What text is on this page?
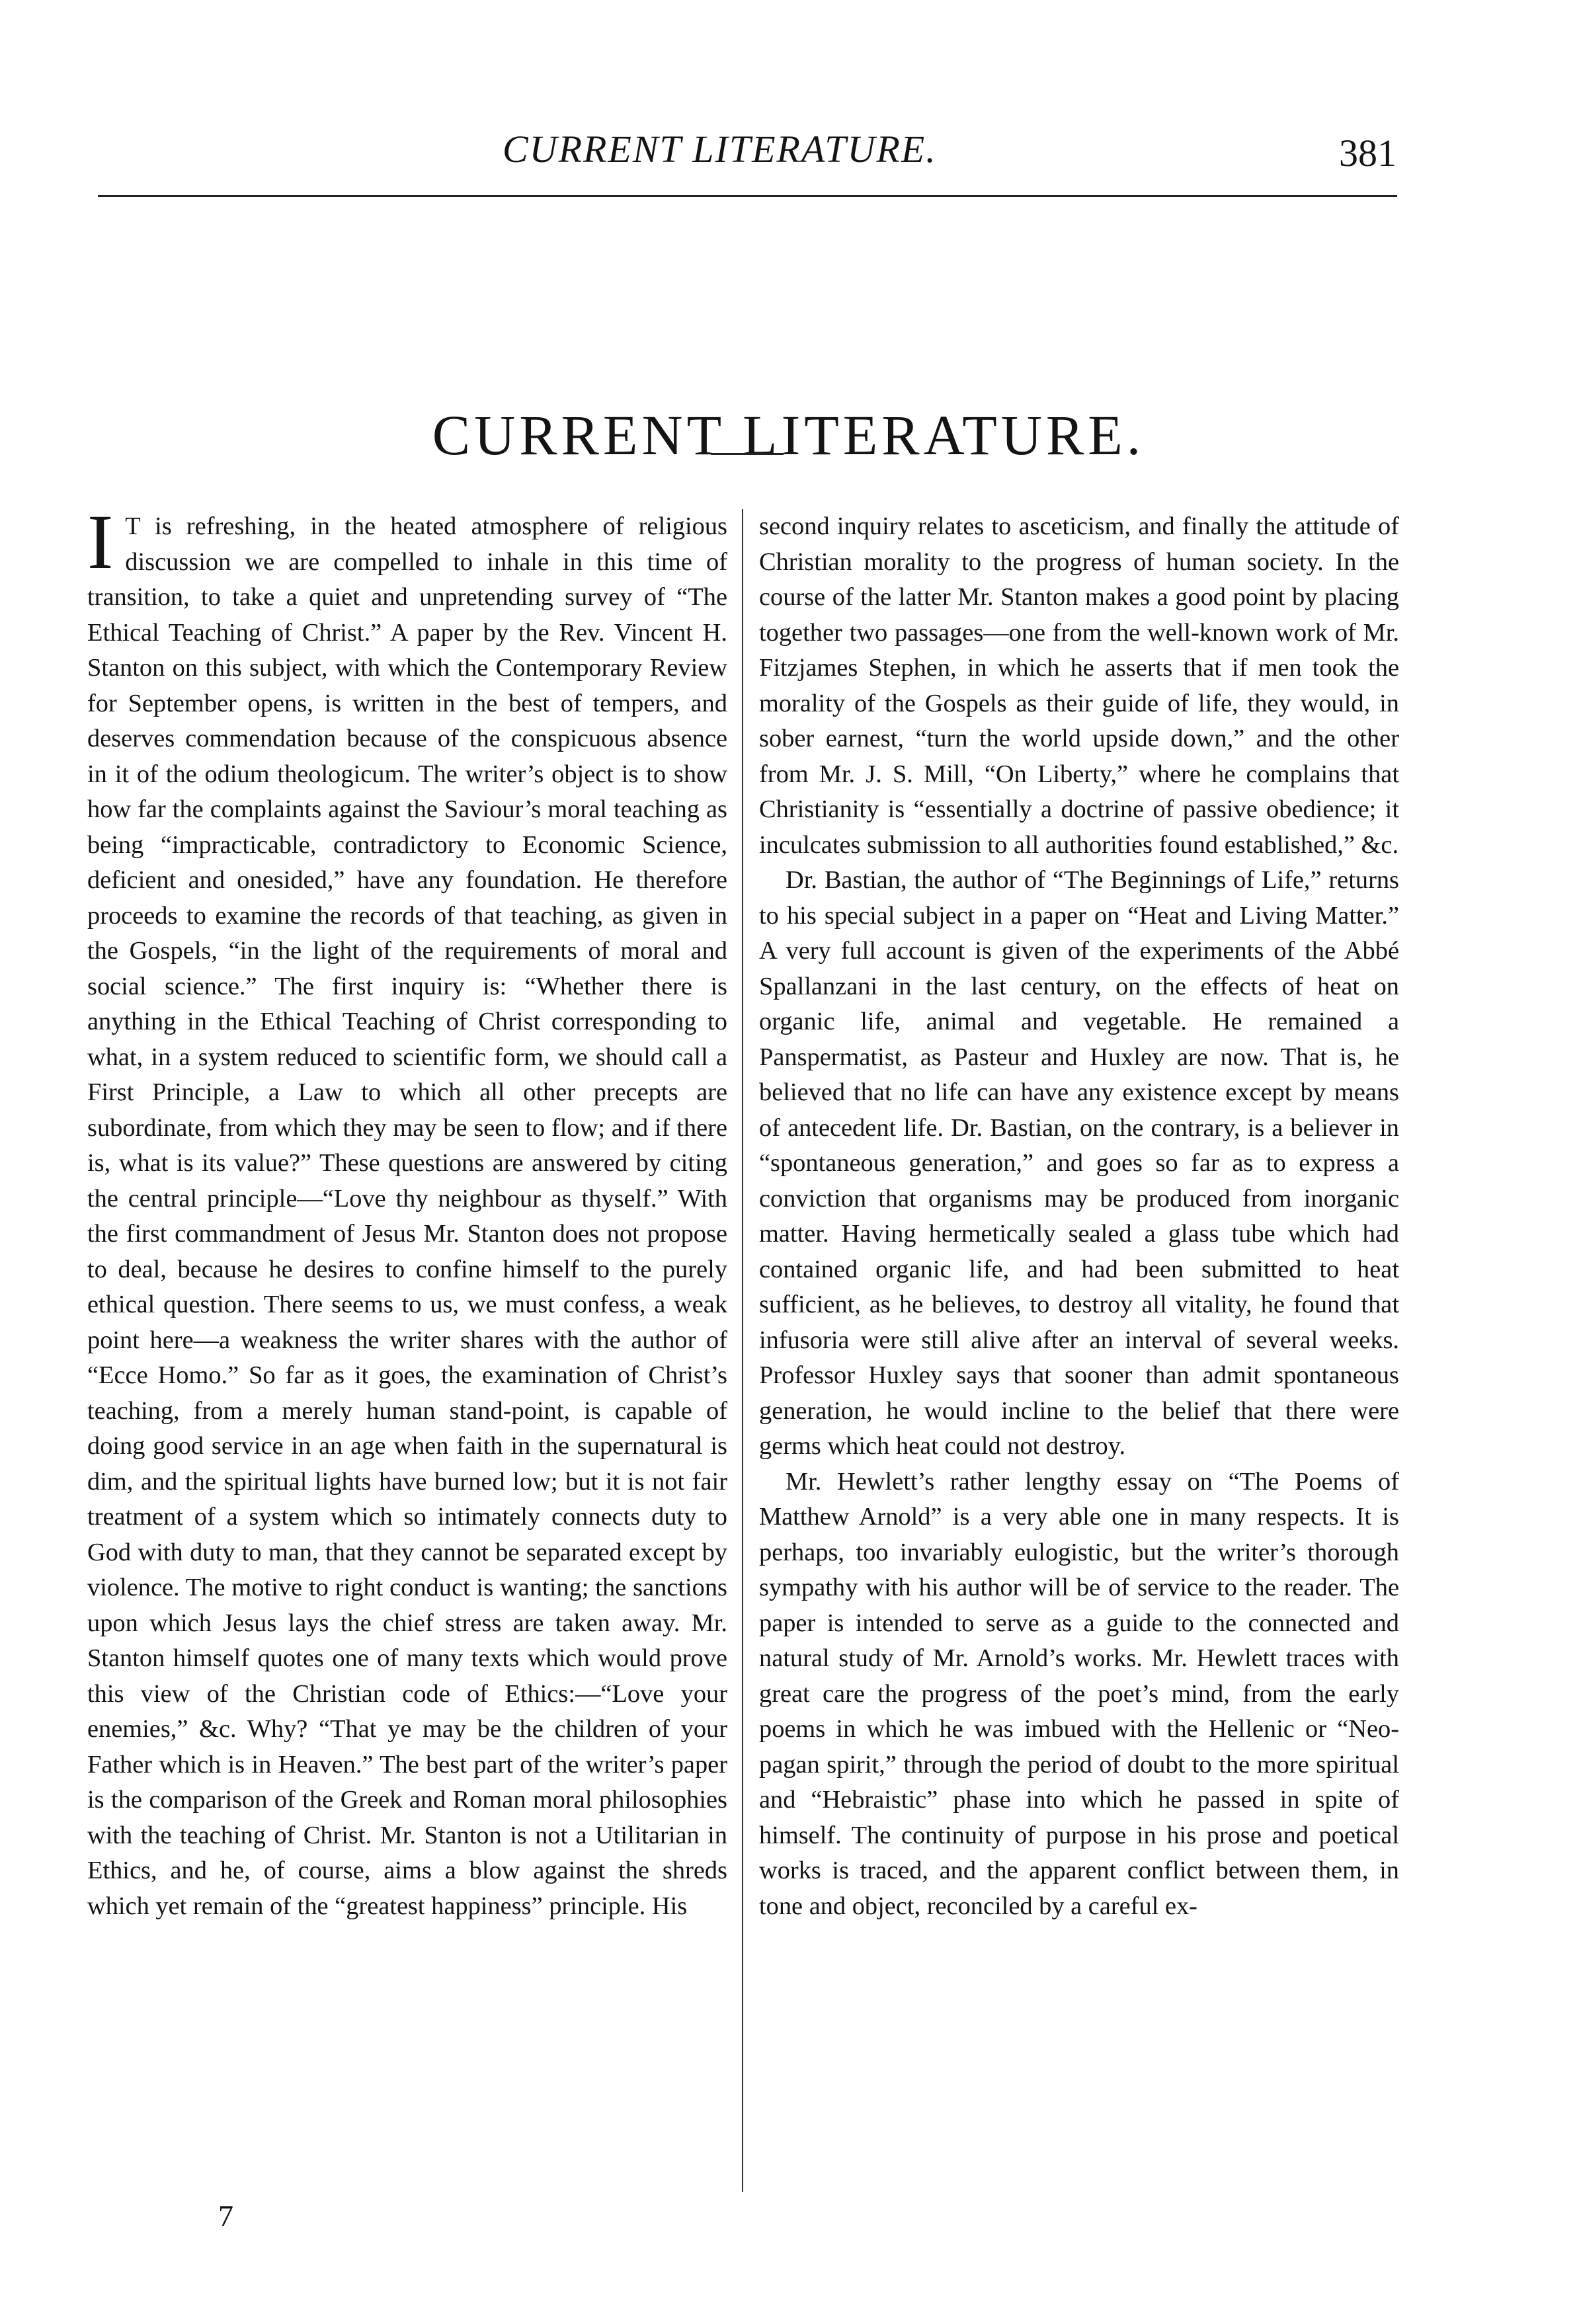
CURRENT LITERATURE.	381
CURRENT LITERATURE.

IT is refreshing, in the heated atmosphere of religious discussion we are compelled to inhale in this time of transition, to take a quiet and unpretending survey of “The Ethical Teaching of Christ.” A paper by the Rev. Vincent H. Stanton on this subject, with which the Contemporary Review for September opens, is written in the best of tempers, and deserves commendation because of the conspicuous absence in it of the odium theologicum. The writer’s object is to show how far the complaints against the Saviour’s moral teaching as being “impracticable, contradictory to Economic Science, deficient and onesided,” have any foundation. He therefore proceeds to examine the records of that teaching, as given in the Gospels, “in the light of the requirements of moral and social science.” The first inquiry is: “Whether there is anything in the Ethical Teaching of Christ corresponding to what, in a system reduced to scientific form, we should call a First Principle, a Law to which all other precepts are subordinate, from which they may be seen to flow; and if there is, what is its value?” These questions are answered by citing the central principle—“Love thy neighbour as thyself.” With the first commandment of Jesus Mr. Stanton does not propose to deal, because he desires to confine himself to the purely ethical question. There seems to us, we must confess, a weak point here—a weakness the writer shares with the author of “Ecce Homo.” So far as it goes, the examination of Christ’s teaching, from a merely human stand-point, is capable of doing good service in an age when faith in the supernatural is dim, and the spiritual lights have burned low; but it is not fair treatment of a system which so intimately connects duty to God with duty to man, that they cannot be separated except by violence. The motive to right conduct is wanting; the sanctions upon which Jesus lays the chief stress are taken away. Mr. Stanton himself quotes one of many texts which would prove this view of the Christian code of Ethics:—“Love your enemies,” &c. Why? “That ye may be the children of your Father which is in Heaven.” The best part of the writer’s paper is the comparison of the Greek and Roman moral philosophies with the teaching of Christ. Mr. Stanton is not a Utilitarian in Ethics, and he, of course, aims a blow against the shreds which yet remain of the “greatest happiness” principle. His

second inquiry relates to asceticism, and finally the attitude of Christian morality to the progress of human society. In the course of the latter Mr. Stanton makes a good point by placing together two passages—one from the well-known work of Mr. Fitzjames Stephen, in which he asserts that if men took the morality of the Gospels as their guide of life, they would, in sober earnest, “turn the world upside down,” and the other from Mr. J. S. Mill, “On Liberty,” where he complains that Christianity is “essentially a doctrine of passive obedience; it inculcates submission to all authorities found established,” &c.

Dr. Bastian, the author of “The Beginnings of Life,” returns to his special subject in a paper on “Heat and Living Matter.” A very full account is given of the experiments of the Abbé Spallanzani in the last century, on the effects of heat on organic life, animal and vegetable. He remained a Panspermatist, as Pasteur and Huxley are now. That is, he believed that no life can have any existence except by means of antecedent life. Dr. Bastian, on the contrary, is a believer in “spontaneous generation,” and goes so far as to express a conviction that organisms may be produced from inorganic matter. Having hermetically sealed a glass tube which had contained organic life, and had been submitted to heat sufficient, as he believes, to destroy all vitality, he found that infusoria were still alive after an interval of several weeks. Professor Huxley says that sooner than admit spontaneous generation, he would incline to the belief that there were germs which heat could not destroy.

Mr. Hewlett’s rather lengthy essay on “The Poems of Matthew Arnold” is a very able one in many respects. It is perhaps, too invariably eulogistic, but the writer’s thorough sympathy with his author will be of service to the reader. The paper is intended to serve as a guide to the connected and natural study of Mr. Arnold’s works. Mr. Hewlett traces with great care the progress of the poet’s mind, from the early poems in which he was imbued with the Hellenic or “Neo-pagan spirit,” through the period of doubt to the more spiritual and “Hebraistic” phase into which he passed in spite of himself. The continuity of purpose in his prose and poetical works is traced, and the apparent conflict between them, in tone and object, reconciled by a careful ex-

7
